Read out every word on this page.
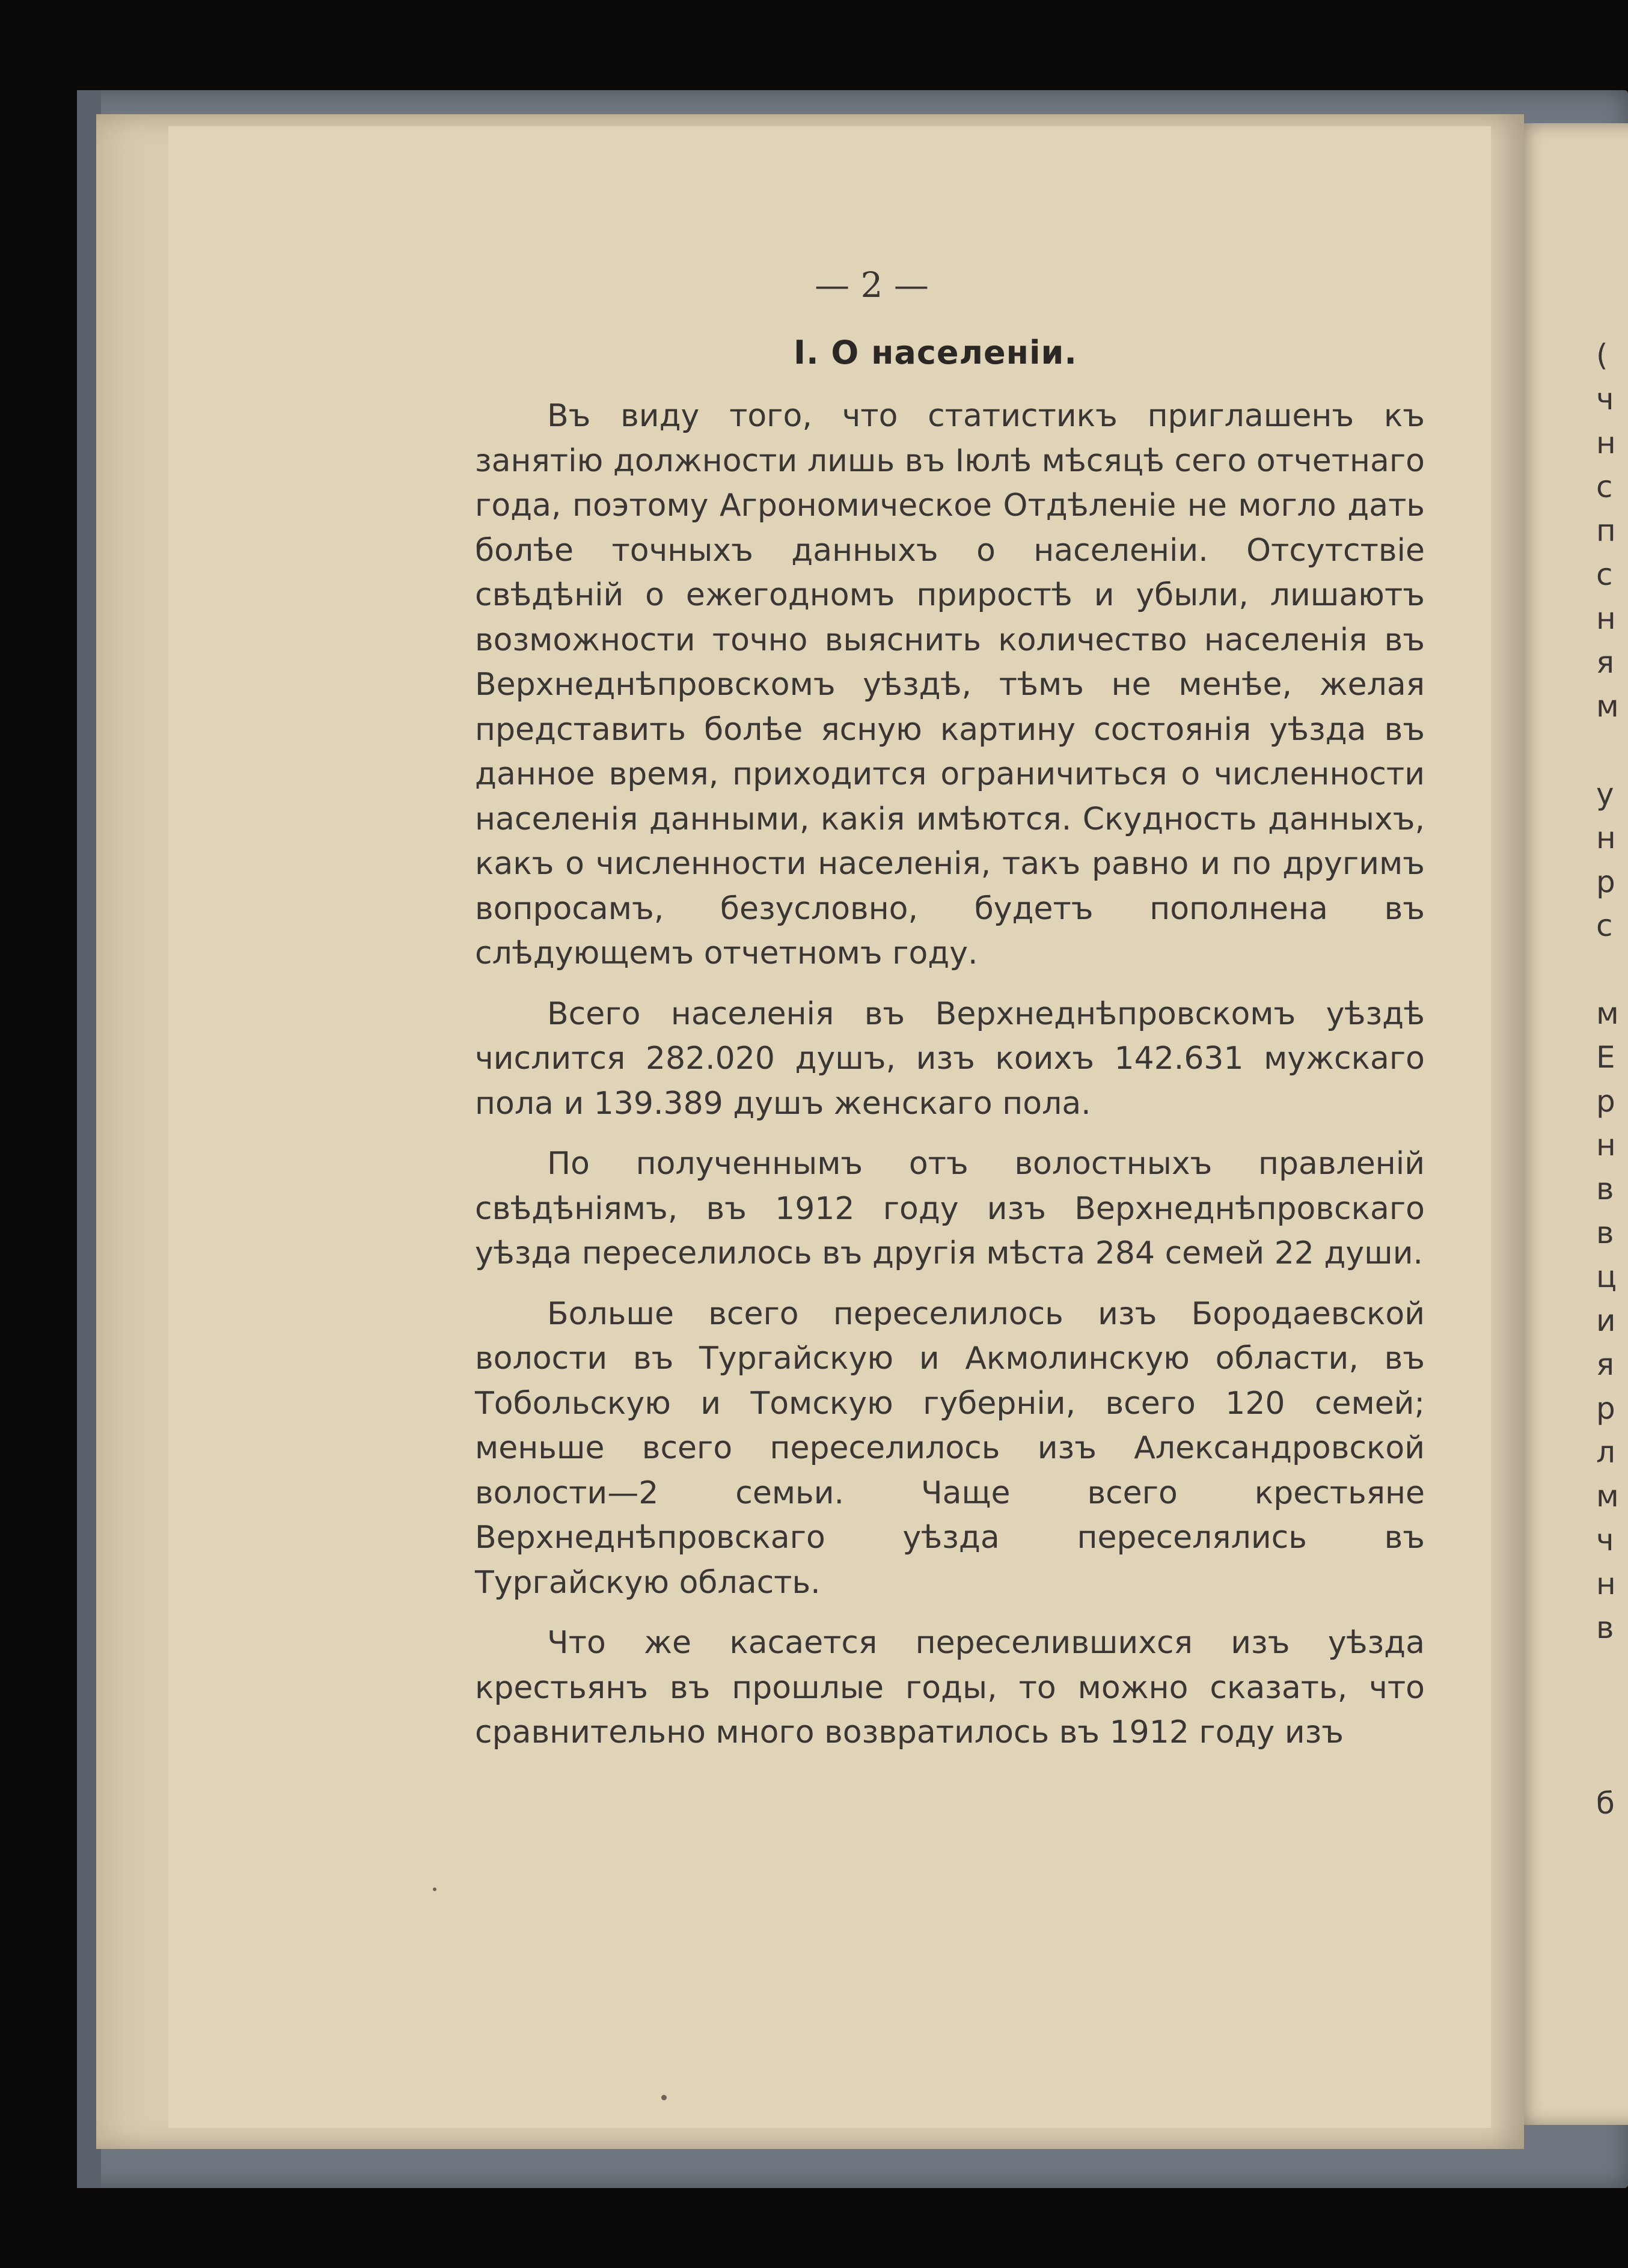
— 2 —
I. О населеніи.

Въ виду того, что статистикъ приглашенъ къ занятію должности лишь въ Іюлѣ мѣсяцѣ сего отчетнаго года, поэтому Агрономическое Отдѣленіе не могло дать болѣе точныхъ данныхъ о населеніи. Отсутствіе свѣдѣній о ежегодномъ приростѣ и убыли, лишаютъ возможности точно выяснить количество населенія въ Верхнеднѣпровскомъ уѣздѣ, тѣмъ не менѣе, желая представить болѣе ясную картину состоянія уѣзда въ данное время, приходится ограничиться о численности населенія данными, какія имѣются. Скудность данныхъ, какъ о численности населенія, такъ равно и по другимъ вопросамъ, безусловно, будетъ пополнена въ слѣдующемъ отчетномъ году.

Всего населенія въ Верхнеднѣпровскомъ уѣздѣ числится 282.020 душъ, изъ коихъ 142.631 мужскаго пола и 139.389 душъ женскаго пола.

По полученнымъ отъ волостныхъ правленій свѣдѣніямъ, въ 1912 году изъ Верхнеднѣпровскаго уѣзда переселилось въ другія мѣста 284 семей 22 души.

Больше всего переселилось изъ Бородаевской волости въ Тургайскую и Акмолинскую области, въ Тобольскую и Томскую губерніи, всего 120 семей; меньше всего переселилось изъ Александровской волости—2 семьи. Чаще всего крестьяне Верхнеднѣпровскаго уѣзда переселялись въ Тургайскую область.

Что же касается переселившихся изъ уѣзда крестьянъ въ прошлые годы, то можно сказать, что сравнительно много возвратилось въ 1912 году изъ

(
ч
н
с
п
с
н
я
м
у
н
р
с
м
Е
р
н
в
в
ц
и
я
р
л
м
ч
н
в
б
